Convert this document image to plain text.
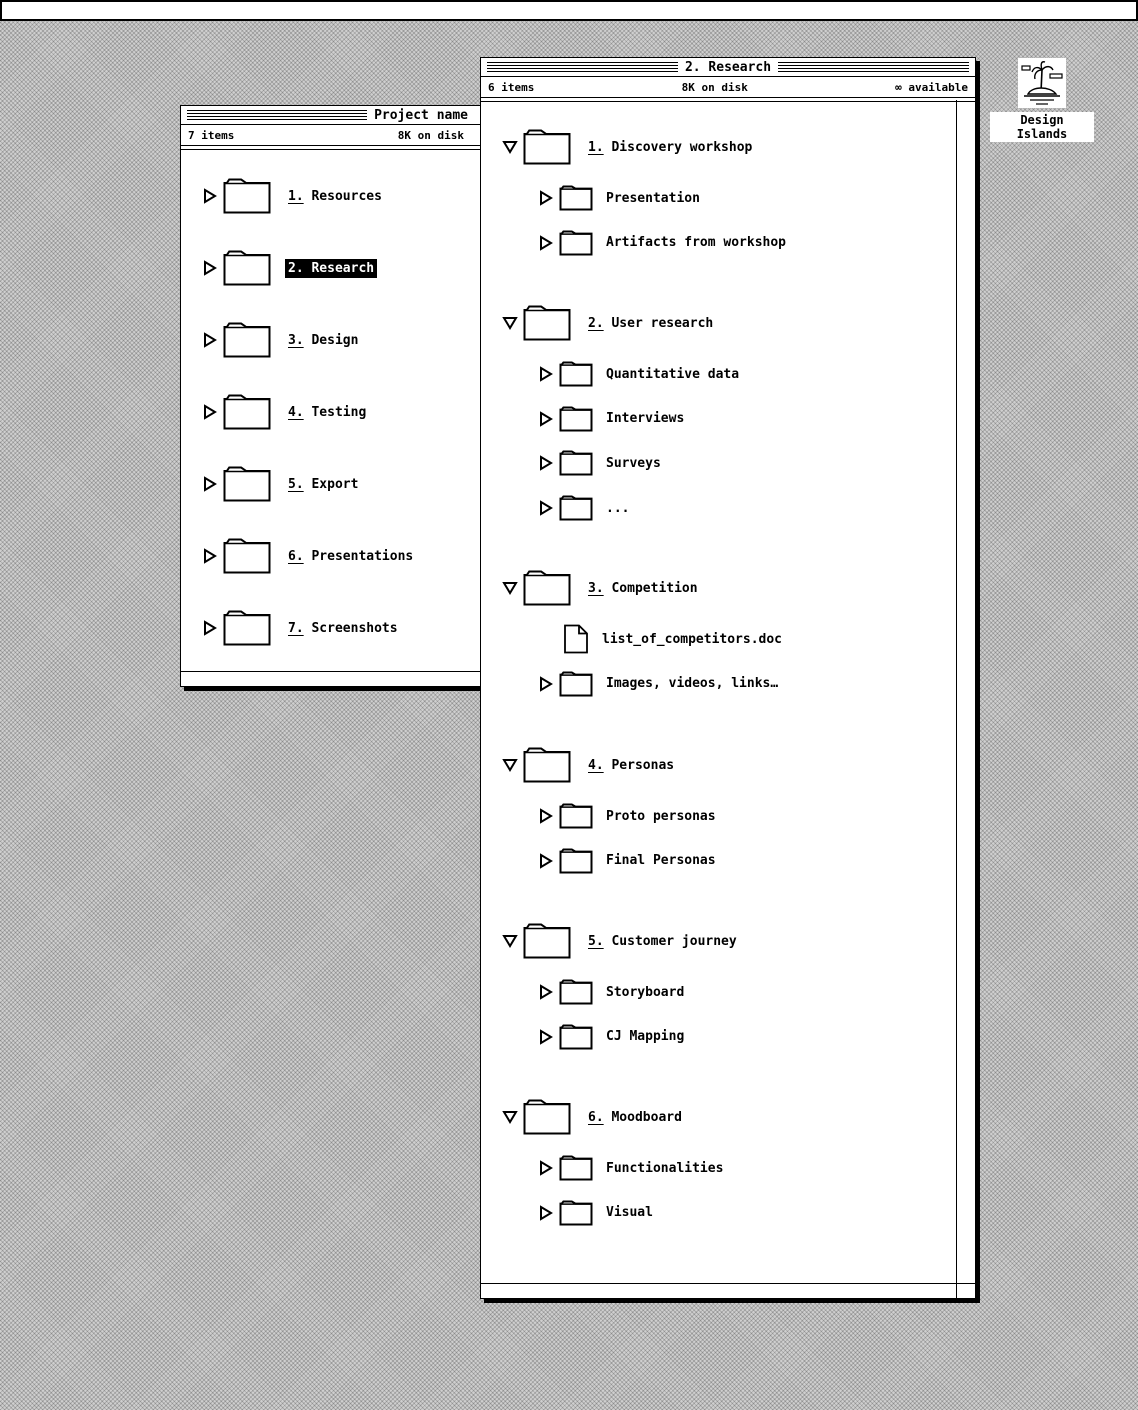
Project name
7 items	8K on disk
1. Resources
2. Research
3. Design
4. Testing
5. Export
6. Presentations
7. Screenshots
2. Research
6 items	8K on disk	∞ available
1. Discovery workshop
Presentation
Artifacts from workshop
2. User research
Quantitative data
Interviews
Surveys
...
3. Competition
list_of_competitors.doc
Images, videos, links…
4. Personas
Proto personas
Final Personas
5. Customer journey
Storyboard
CJ Mapping
6. Moodboard
Functionalities
Visual
Design Islands
